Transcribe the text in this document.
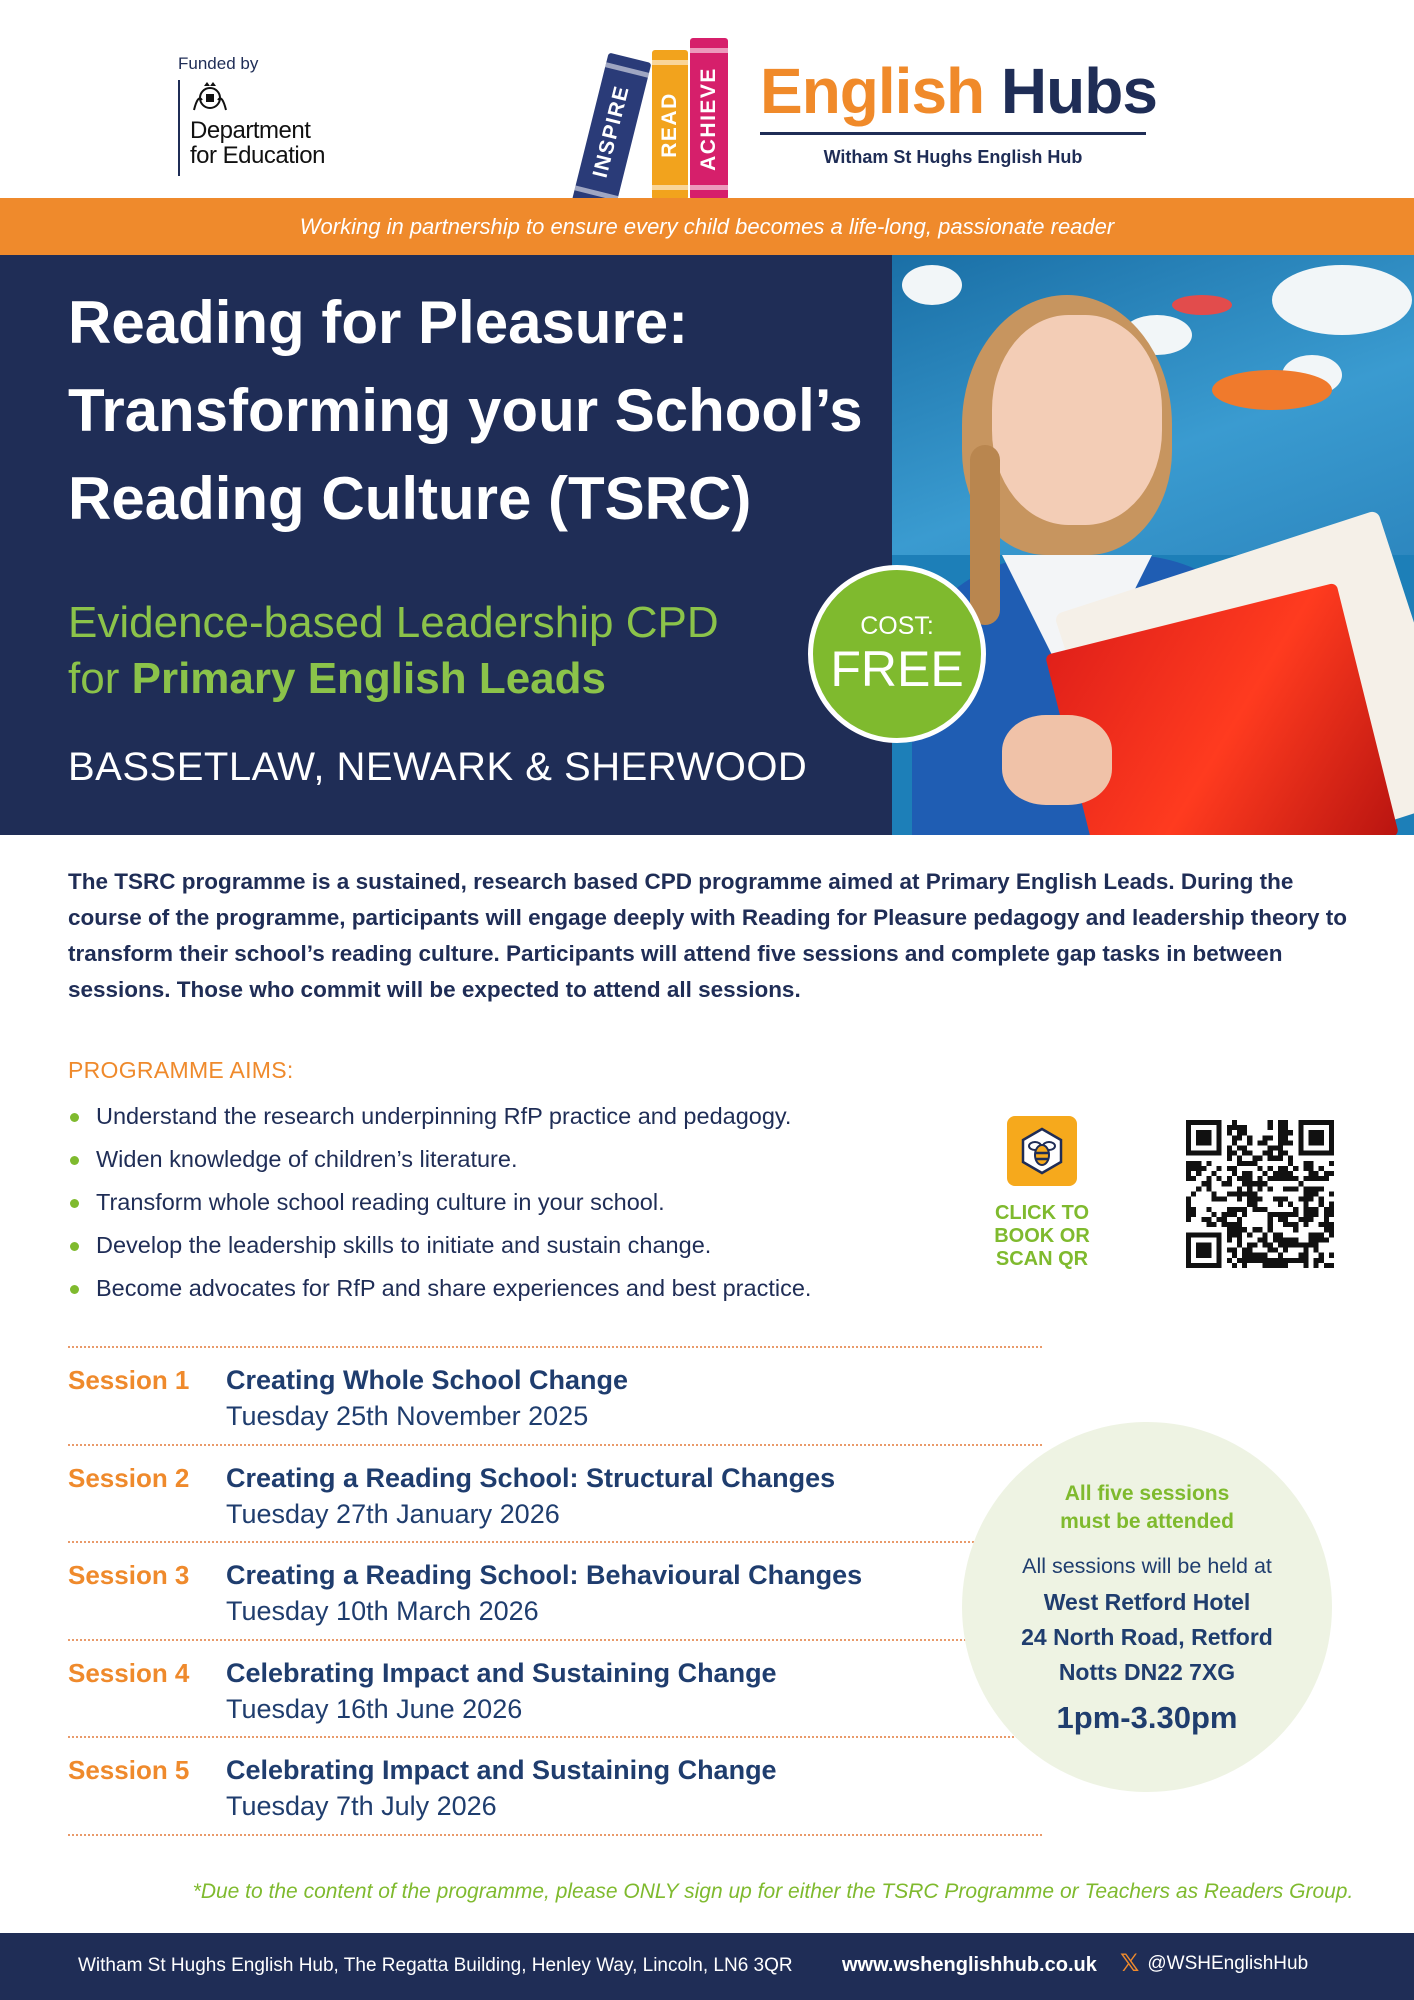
Funded by
Department
for Education	INSPIRE READ ACHIEVE English Hubs
Witham St Hughs English Hub
Working in partnership to ensure every child becomes a life-long, passionate reader
Reading for Pleasure:
Transforming your School’s
Reading Culture (TSRC)
Evidence-based Leadership CPD
for Primary English Leads
BASSETLAW, NEWARK & SHERWOOD
COST:
FREE

The TSRC programme is a sustained, research based CPD programme aimed at Primary English Leads. During the course of the programme, participants will engage deeply with Reading for Pleasure pedagogy and leadership theory to transform their school’s reading culture. Participants will attend five sessions and complete gap tasks in between sessions. Those who commit will be expected to attend all sessions.

PROGRAMME AIMS:
Understand the research underpinning RfP practice and pedagogy.
Widen knowledge of children’s literature.
Transform whole school reading culture in your school.
Develop the leadership skills to initiate and sustain change.
Become advocates for RfP and share experiences and best practice.
CLICK TO
BOOK OR
SCAN QR
Session 1 Creating Whole School Change
Tuesday 25th November 2025
Session 2 Creating a Reading School: Structural Changes
Tuesday 27th January 2026
Session 3 Creating a Reading School: Behavioural Changes
Tuesday 10th March 2026
Session 4 Celebrating Impact and Sustaining Change
Tuesday 16th June 2026
Session 5 Celebrating Impact and Sustaining Change
Tuesday 7th July 2026
All five sessions
must be attended
All sessions will be held at
West Retford Hotel
24 North Road, Retford
Notts DN22 7XG
1pm-3.30pm
*Due to the content of the programme, please ONLY sign up for either the TSRC Programme or Teachers as Readers Group.
Witham St Hughs English Hub, The Regatta Building, Henley Way, Lincoln, LN6 3QR www.wshenglishhub.co.uk 𝕏 @WSHEnglishHub
